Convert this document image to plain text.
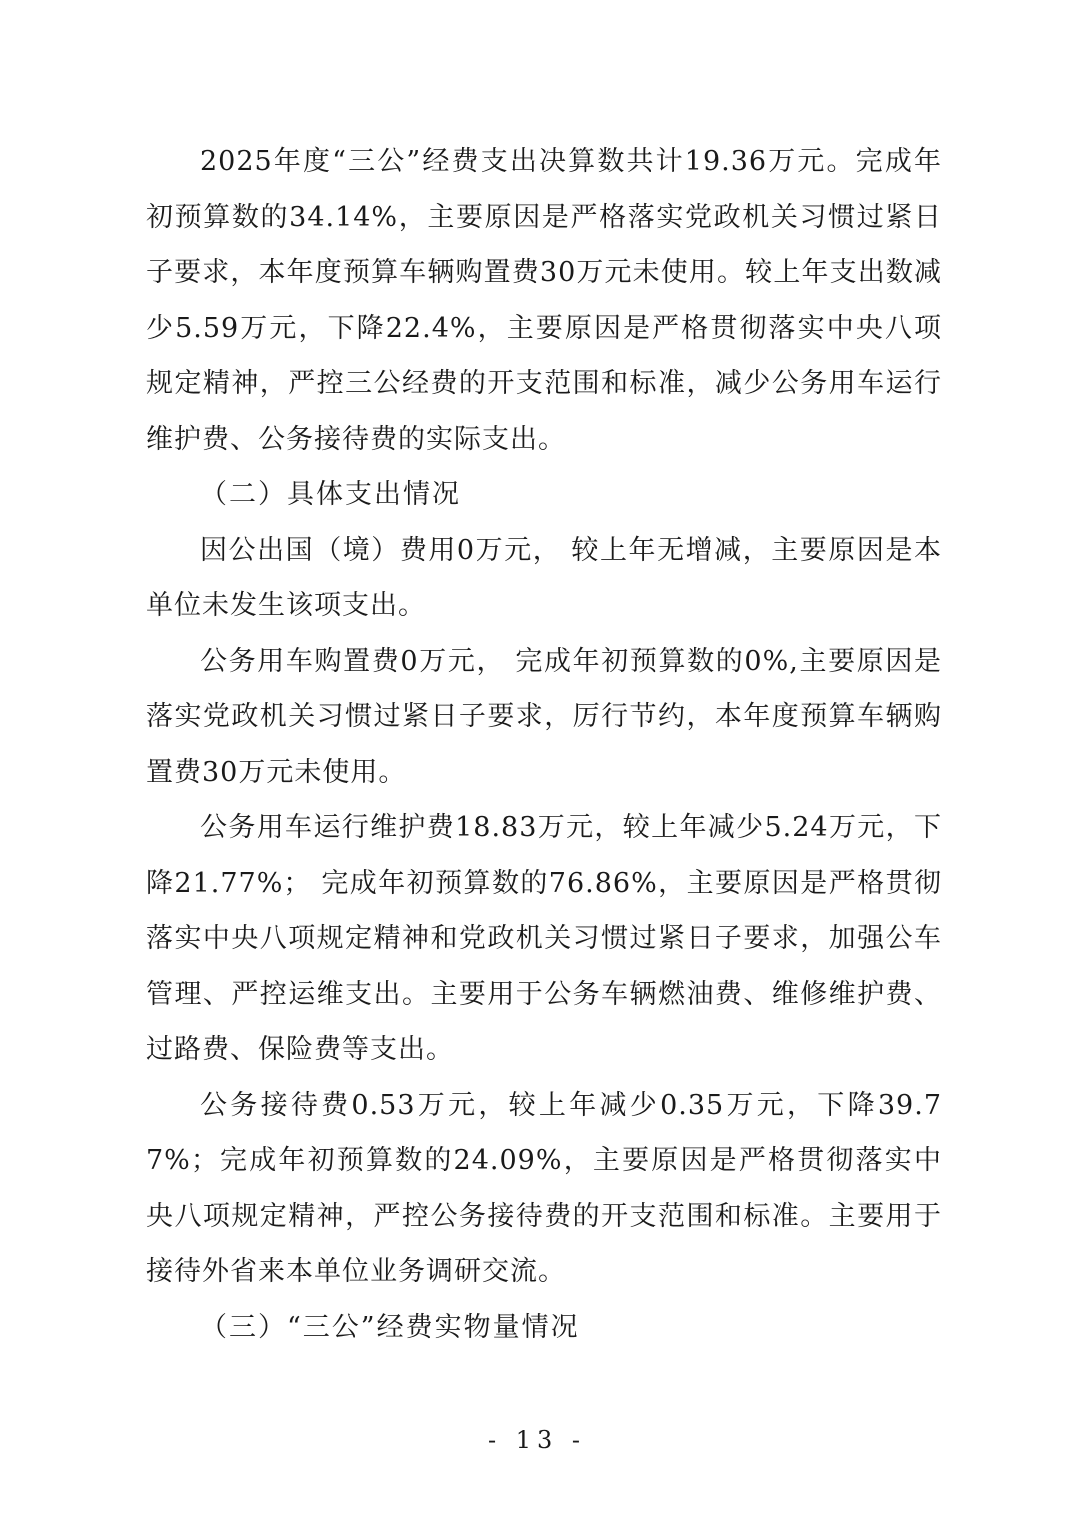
2025年度“三公”经费支出决算数共计19.36万元。完成年初预算数的34.14%，主要原因是严格落实党政机关习惯过紧日子要求，本年度预算车辆购置费30万元未使用。较上年支出数减少5.59万元，下降22.4%，主要原因是严格贯彻落实中央八项规定精神，严控三公经费的开支范围和标准，减少公务用车运行维护费、公务接待费的实际支出。

（二）具体支出情况

因公出国（境）费用0万元， 较上年无增减，主要原因是本单位未发生该项支出。

公务用车购置费0万元， 完成年初预算数的0%,主要原因是落实党政机关习惯过紧日子要求，厉行节约，本年度预算车辆购置费30万元未使用。

公务用车运行维护费18.83万元，较上年减少5.24万元，下降21.77%； 完成年初预算数的76.86%，主要原因是严格贯彻落实中央八项规定精神和党政机关习惯过紧日子要求，加强公车管理、严控运维支出。主要用于公务车辆燃油费、维修维护费、过路费、保险费等支出。

公务接待费0.53万元，较上年减少0.35万元，下降39.77%；完成年初预算数的24.09%，主要原因是严格贯彻落实中央八项规定精神，严控公务接待费的开支范围和标准。主要用于接待外省来本单位业务调研交流。

（三）“三公”经费实物量情况

- 13 -
